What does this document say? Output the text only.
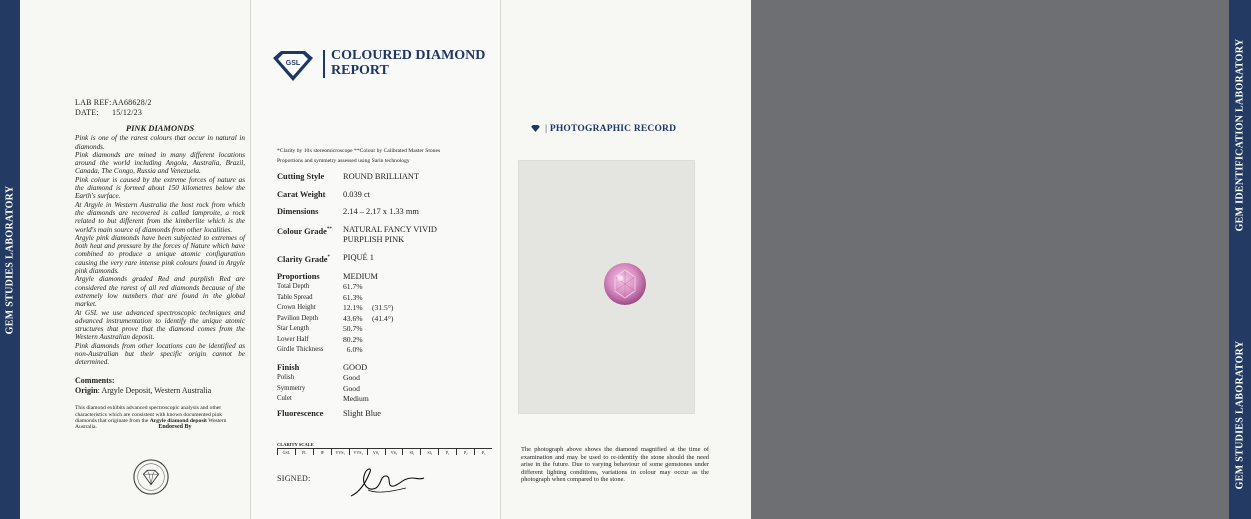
GEM STUDIES LABORATORY
LAB REF:AA68628/2
DATE: 15/12/23
PINK DIAMONDS

Pink is one of the rarest colours that occur in natural in diamonds.

Pink diamonds are mined in many different locations around the world including Angola, Australia, Brazil, Canada, The Congo, Russia and Venezuela.

Pink colour is caused by the extreme forces of nature as the diamond is formed about 150 kilometres below the Earth's surface.

At Argyle in Western Australia the host rock from which the diamonds are recovered is called lamproite, a rock related to but different from the kimberlite which is the world's main source of diamonds from other localities.

Argyle pink diamonds have been subjected to extremes of both heat and pressure by the forces of Nature which have combined to produce a unique atomic configuration causing the very rare intense pink colours found in Argyle pink diamonds.

Argyle diamonds graded Red and purplish Red are considered the rarest of all red diamonds because of the extremely low numbers that are found in the global market.

At GSL we use advanced spectroscopic techniques and advanced instrumentation to identify the unique atomic structures that prove that the diamond comes from the Western Australian deposit.

Pink diamonds from other locations can be identified as non-Australian but their specific origin cannot be determined.

Comments:
Origin: Argyle Deposit, Western Australia
This diamond exhibits advanced spectroscopic analysis and other characteristics which are consistent with known documented pink diamonds that originate from the Argyle diamond deposit Western Australia.	Endorsed By
GSL
COLOURED DIAMOND
REPORT
*Clarity by 10x stereomicroscope **Colour by Calibrated Master Stones
Proportions and symmetry assessed using Sarin technology
Cutting Style	ROUND BRILLIANT
Carat Weight	0.039 ct
Dimensions	2.14 – 2.17 x 1.33 mm
Colour Grade**	NATURAL FANCY VIVID
PURPLISH PINK
Clarity Grade*	PIQUÉ 1
Proportions	MEDIUM
Total Depth	61.7%
Table Spread	61.3%
Crown Height	12.1%	(31.5°)
Pavilion Depth	43.6%	(41.4°)
Star Length	50.7%
Lower Half	80.2%
Girdle Thickness	6.0%
Finish	GOOD
Polish	Good
Symmetry	Good
Culet	Medium
Fluorescence	Slight Blue
CLARITY SCALE
GSL	FL	IF	VVS₁	VVS₂	VS₁	VS₂	SI₁	SI₂	P₁	P₂	P₃
SIGNED:
| PHOTOGRAPHIC RECORD
The photograph above shows the diamond magnified at the time of examination and may be used to re-identify the stone should the need arise in the future. Due to varying behaviour of some gemstones under different lighting conditions, variations in colour may occur as the photograph when compared to the stone.
GEM IDENTIFICATION LABORATORY
GEM STUDIES LABORATORY
